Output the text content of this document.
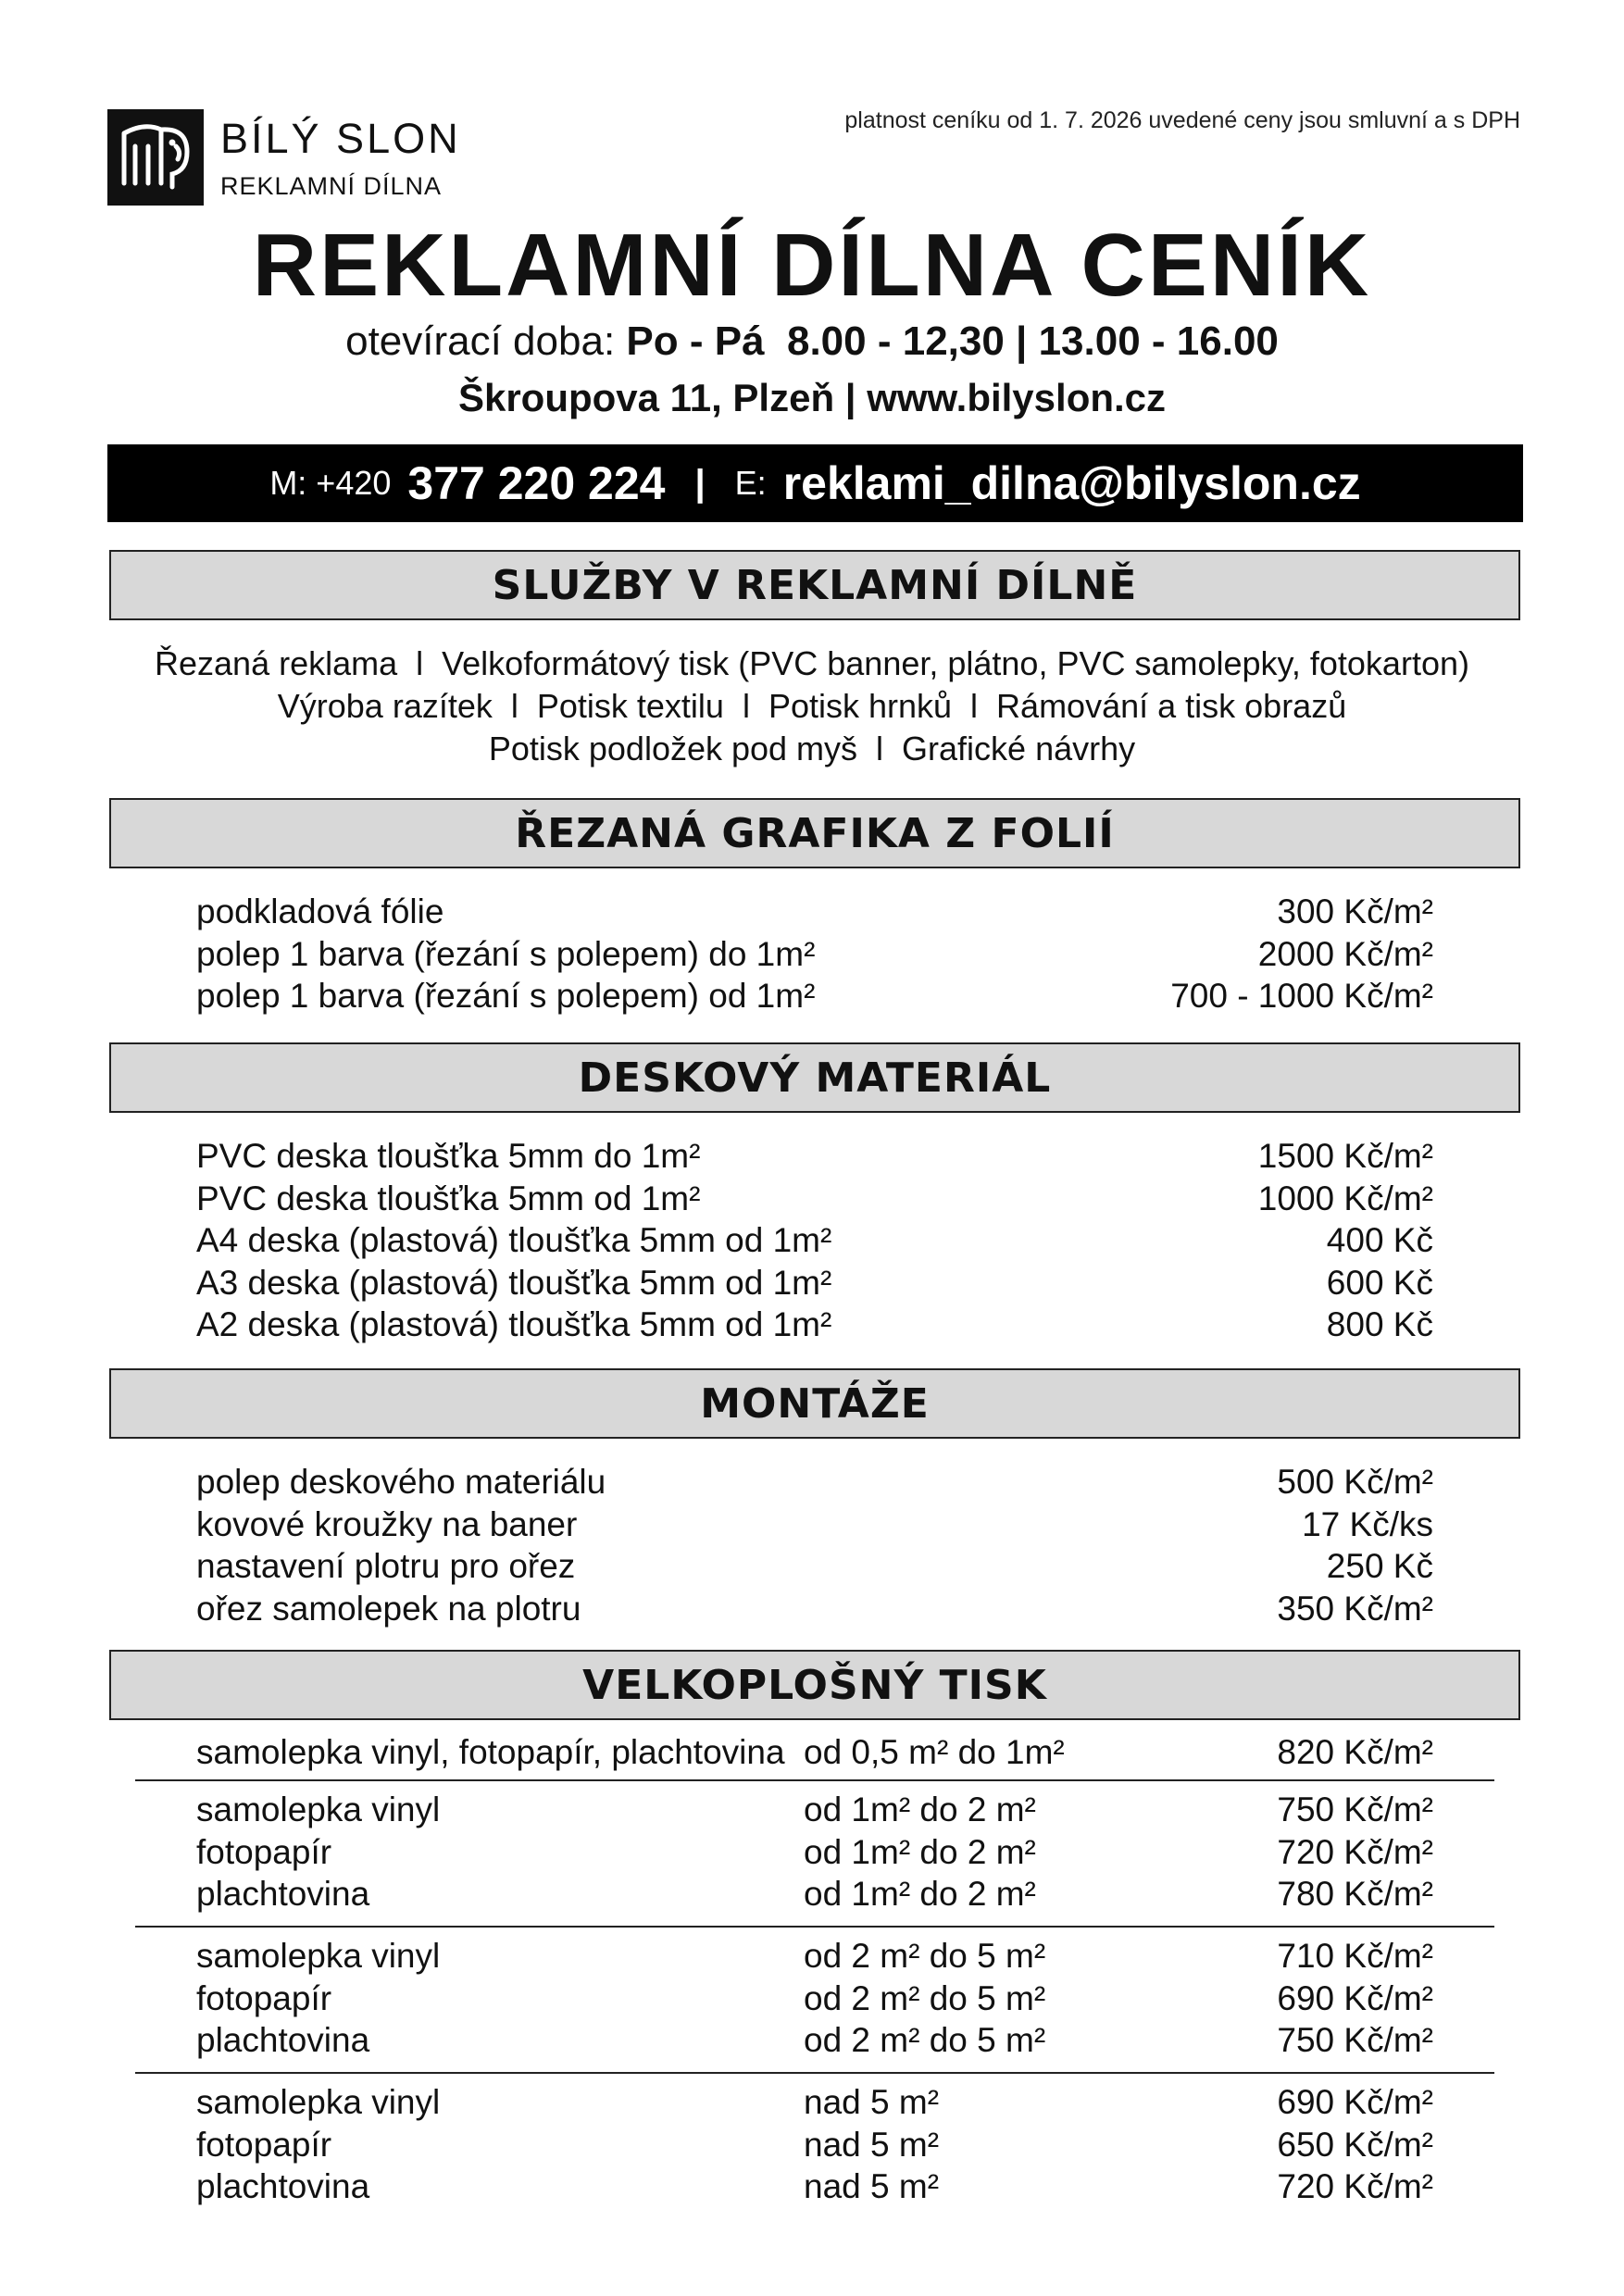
BÍLÝ SLON
REKLAMNÍ DÍLNA
platnost ceníku od 1. 7. 2026 uvedené ceny jsou smluvní a s DPH
REKLAMNÍ DÍLNA CENÍK
otevírací doba: Po - Pá  8.00 - 12,30 | 13.00 - 16.00
Škroupova 11, Plzeň | www.bilyslon.cz
M: +420 377 220 224 | E: reklami_dilna@bilyslon.cz
SLUŽBY V REKLAMNÍ DÍLNĚ
Řezaná reklama l Velkoformátový tisk (PVC banner, plátno, PVC samolepky, fotokarton)
Výroba razítek l Potisk textilu l Potisk hrnků l Rámování a tisk obrazů
Potisk podložek pod myš l Grafické návrhy
ŘEZANÁ GRAFIKA Z FOLIÍ
podkladová fólie	300 Kč/m²
polep 1 barva (řezání s polepem) do 1m²	2000 Kč/m²
polep 1 barva (řezání s polepem) od 1m²	700 - 1000 Kč/m²
DESKOVÝ MATERIÁL
PVC deska tloušťka 5mm do 1m²	1500 Kč/m²
PVC deska tloušťka 5mm od 1m²	1000 Kč/m²
A4 deska (plastová) tloušťka 5mm od 1m²	400 Kč
A3 deska (plastová) tloušťka 5mm od 1m²	600 Kč
A2 deska (plastová) tloušťka 5mm od 1m²	800 Kč
MONTÁŽE
polep deskového materiálu	500 Kč/m²
kovové kroužky na baner	17 Kč/ks
nastavení plotru pro ořez	250 Kč
ořez samolepek na plotru	350 Kč/m²
VELKOPLOŠNÝ TISK
samolepka vinyl, fotopapír, plachtovina od 0,5 m² do 1m²	820 Kč/m²
samolepka vinyl	od 1m² do 2 m²	750 Kč/m²
fotopapír	od 1m² do 2 m²	720 Kč/m²
plachtovina	od 1m² do 2 m²	780 Kč/m²
samolepka vinyl	od 2 m² do 5 m²	710 Kč/m²
fotopapír	od 2 m² do 5 m²	690 Kč/m²
plachtovina	od 2 m² do 5 m²	750 Kč/m²
samolepka vinyl	nad 5 m²	690 Kč/m²
fotopapír	nad 5 m²	650 Kč/m²
plachtovina	nad 5 m²	720 Kč/m²
